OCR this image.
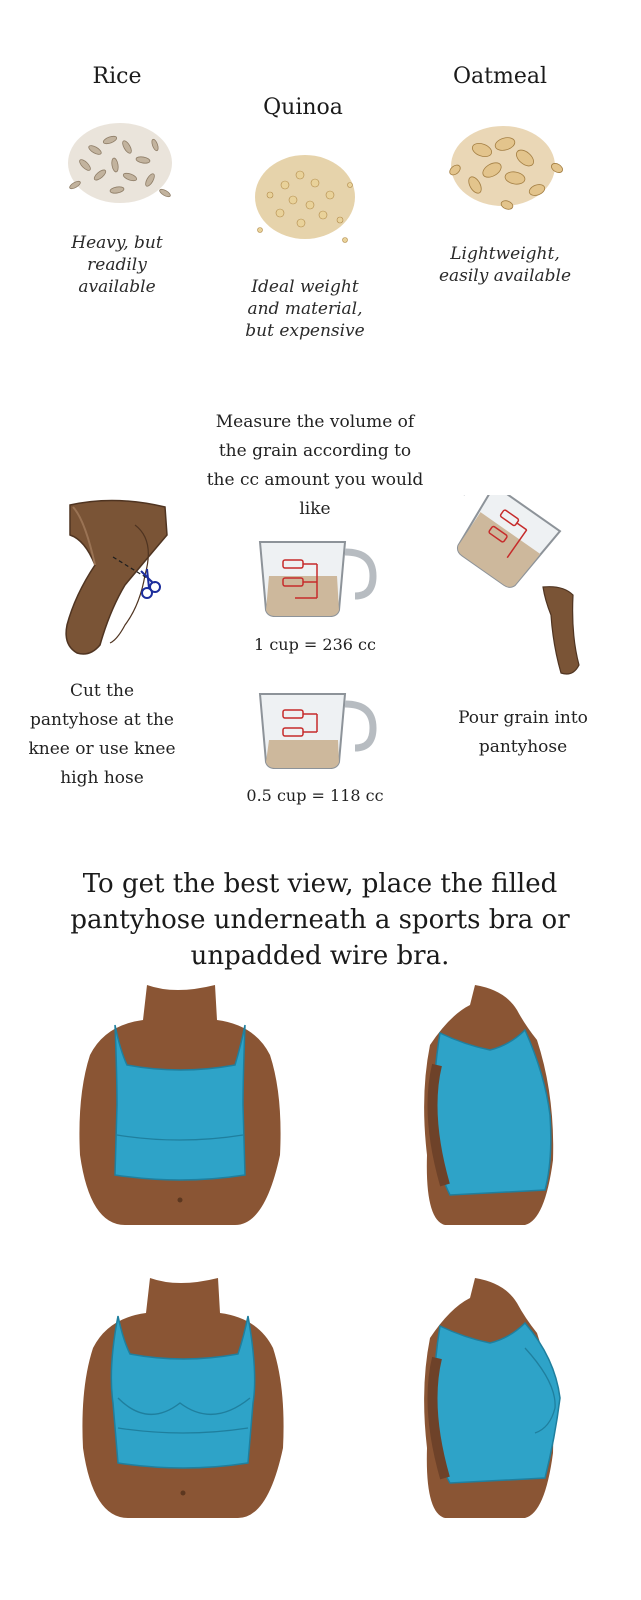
Rice
Quinoa
Oatmeal
Heavy, but readily available	Ideal weight and material, but expensive
Lightweight, easily available
Measure the volume of the grain according to the cc amount you would like
Cut the pantyhose at the knee or use knee high hose
1 cup = 236 cc
0.5 cup = 118 cc
Pour grain into pantyhose
To get the best view, place the filled pantyhose underneath a sports bra or unpadded wire bra.
